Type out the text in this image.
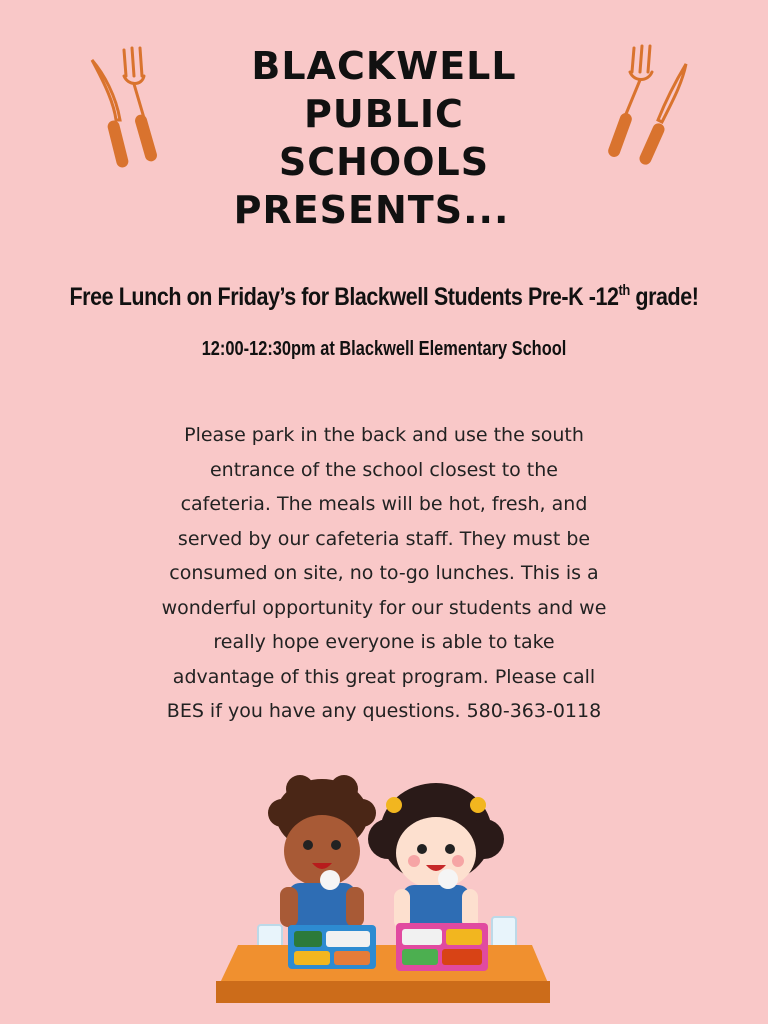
BLACKWELL
PUBLIC
SCHOOLS
PRESENTS...
Free Lunch on Friday’s for Blackwell Students Pre-K -12th grade!
12:00-12:30pm at Blackwell Elementary School
Please park in the back and use the south
entrance of the school closest to the
cafeteria. The meals will be hot, fresh, and
served by our cafeteria staff. They must be
consumed on site, no to-go lunches. This is a
wonderful opportunity for our students and we
really hope everyone is able to take
advantage of this great program. Please call
BES if you have any questions. 580-363-0118
